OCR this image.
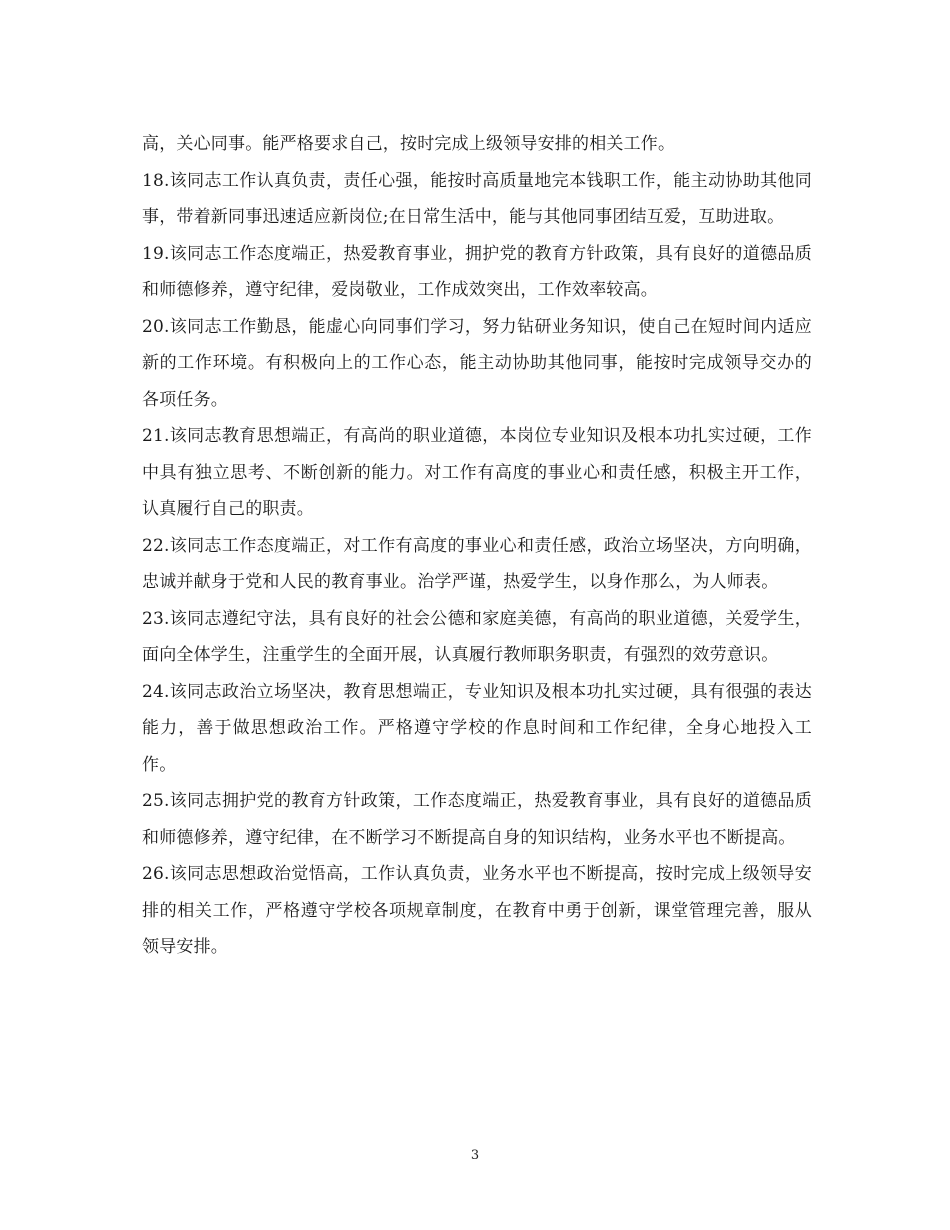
高，关心同事。能严格要求自己，按时完成上级领导安排的相关工作。

18.该同志工作认真负责，责任心强，能按时高质量地完本钱职工作，能主动协助其他同事，带着新同事迅速适应新岗位;在日常生活中，能与其他同事团结互爱，互助进取。

19.该同志工作态度端正，热爱教育事业，拥护党的教育方针政策，具有良好的道德品质和师德修养，遵守纪律，爱岗敬业，工作成效突出，工作效率较高。

20.该同志工作勤恳，能虚心向同事们学习，努力钻研业务知识，使自己在短时间内适应新的工作环境。有积极向上的工作心态，能主动协助其他同事，能按时完成领导交办的各项任务。

21.该同志教育思想端正，有高尚的职业道德，本岗位专业知识及根本功扎实过硬，工作中具有独立思考、不断创新的能力。对工作有高度的事业心和责任感，积极主开工作，认真履行自己的职责。

22.该同志工作态度端正，对工作有高度的事业心和责任感，政治立场坚决，方向明确，忠诚并献身于党和人民的教育事业。治学严谨，热爱学生，以身作那么，为人师表。

23.该同志遵纪守法，具有良好的社会公德和家庭美德，有高尚的职业道德，关爱学生，面向全体学生，注重学生的全面开展，认真履行教师职务职责，有强烈的效劳意识。

24.该同志政治立场坚决，教育思想端正，专业知识及根本功扎实过硬，具有很强的表达能力，善于做思想政治工作。严格遵守学校的作息时间和工作纪律，全身心地投入工作。

25.该同志拥护党的教育方针政策，工作态度端正，热爱教育事业，具有良好的道德品质和师德修养，遵守纪律，在不断学习不断提高自身的知识结构，业务水平也不断提高。

26.该同志思想政治觉悟高，工作认真负责，业务水平也不断提高，按时完成上级领导安排的相关工作，严格遵守学校各项规章制度，在教育中勇于创新，课堂管理完善，服从领导安排。

3
